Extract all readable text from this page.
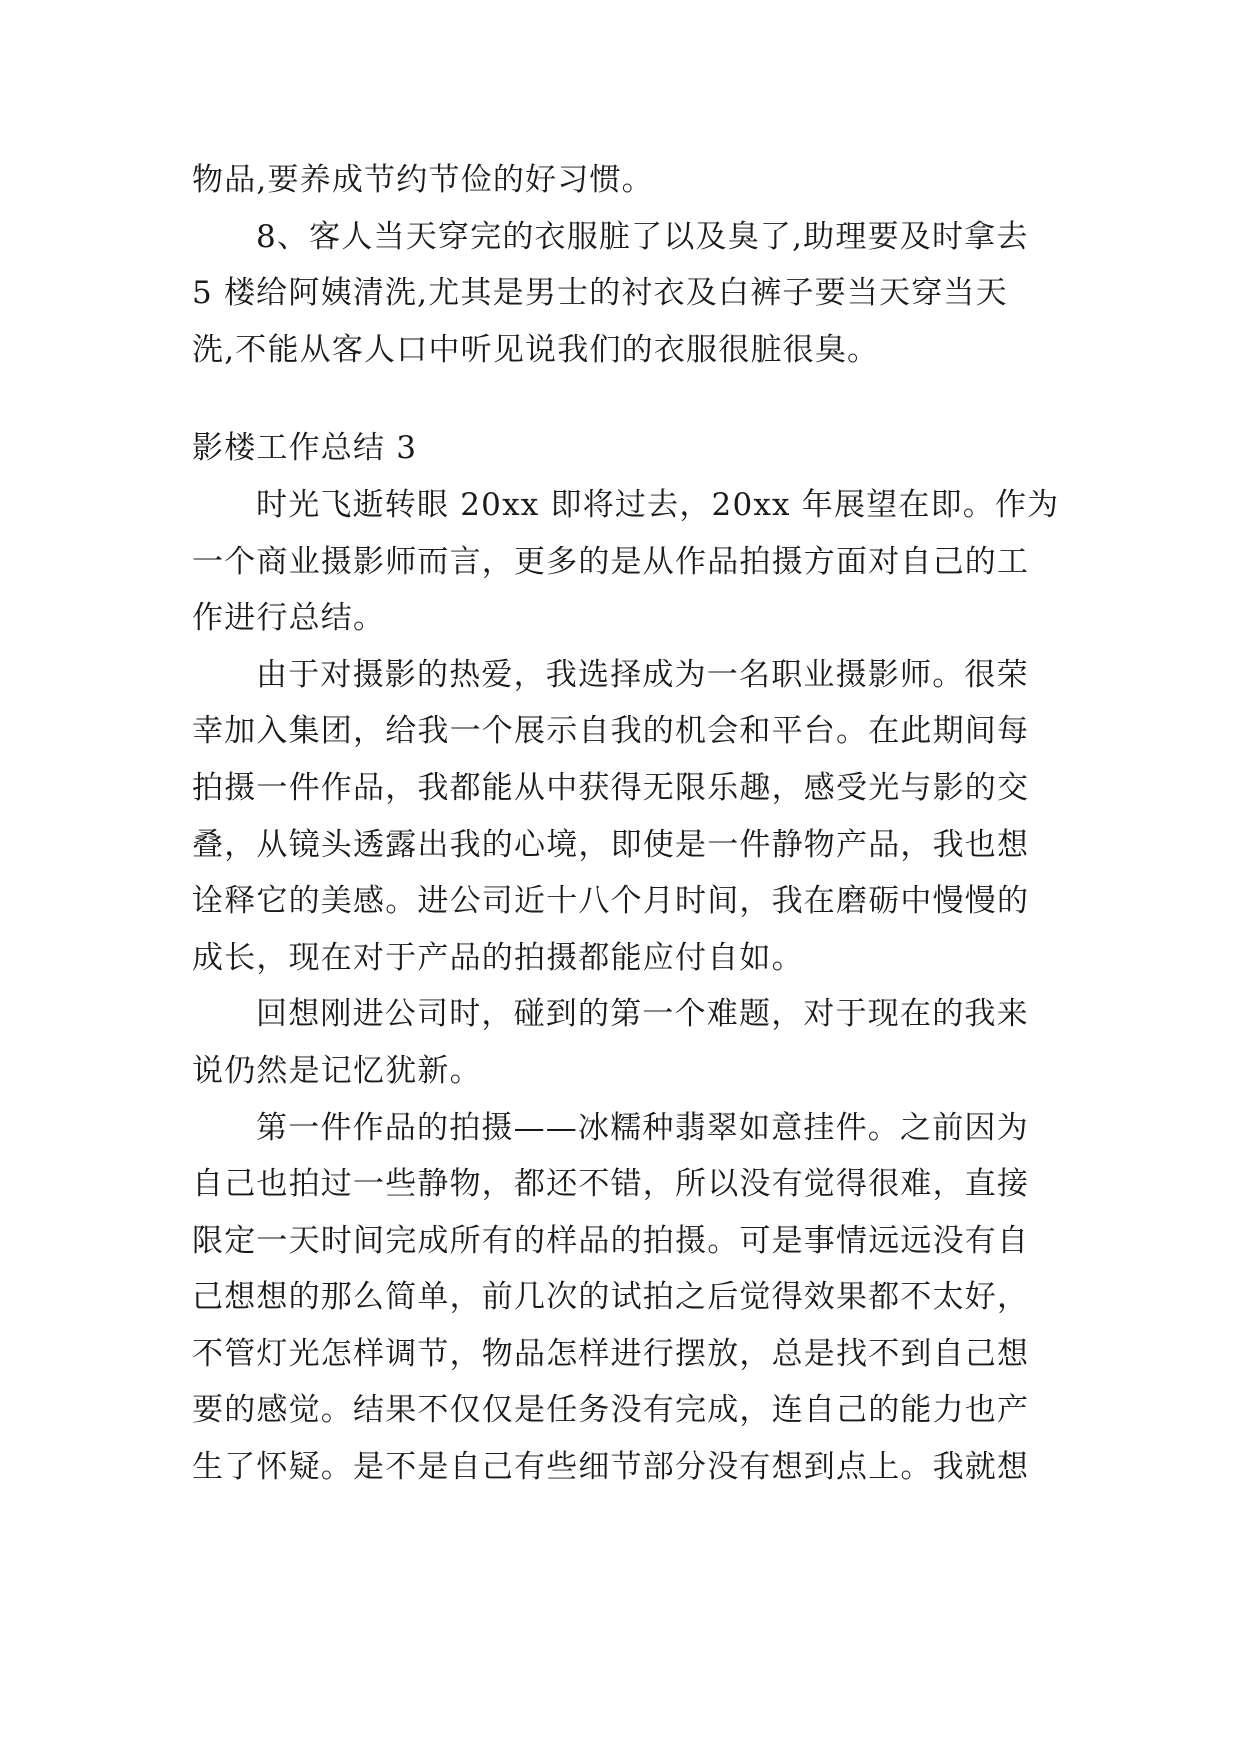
物品,要养成节约节俭的好习惯。
8、客人当天穿完的衣服脏了以及臭了,助理要及时拿去
5 楼给阿姨清洗,尤其是男士的衬衣及白裤子要当天穿当天
洗,不能从客人口中听见说我们的衣服很脏很臭。
影楼工作总结 3
时光飞逝转眼 20xx 即将过去，20xx 年展望在即。作为
一个商业摄影师而言，更多的是从作品拍摄方面对自己的工
作进行总结。
由于对摄影的热爱，我选择成为一名职业摄影师。很荣
幸加入集团，给我一个展示自我的机会和平台。在此期间每
拍摄一件作品，我都能从中获得无限乐趣，感受光与影的交
叠，从镜头透露出我的心境，即使是一件静物产品，我也想
诠释它的美感。进公司近十八个月时间，我在磨砺中慢慢的
成长，现在对于产品的拍摄都能应付自如。
回想刚进公司时，碰到的第一个难题，对于现在的我来
说仍然是记忆犹新。
第一件作品的拍摄——冰糯种翡翠如意挂件。之前因为
自己也拍过一些静物，都还不错，所以没有觉得很难，直接
限定一天时间完成所有的样品的拍摄。可是事情远远没有自
己想想的那么简单，前几次的试拍之后觉得效果都不太好，
不管灯光怎样调节，物品怎样进行摆放，总是找不到自己想
要的感觉。结果不仅仅是任务没有完成，连自己的能力也产
生了怀疑。是不是自己有些细节部分没有想到点上。我就想
